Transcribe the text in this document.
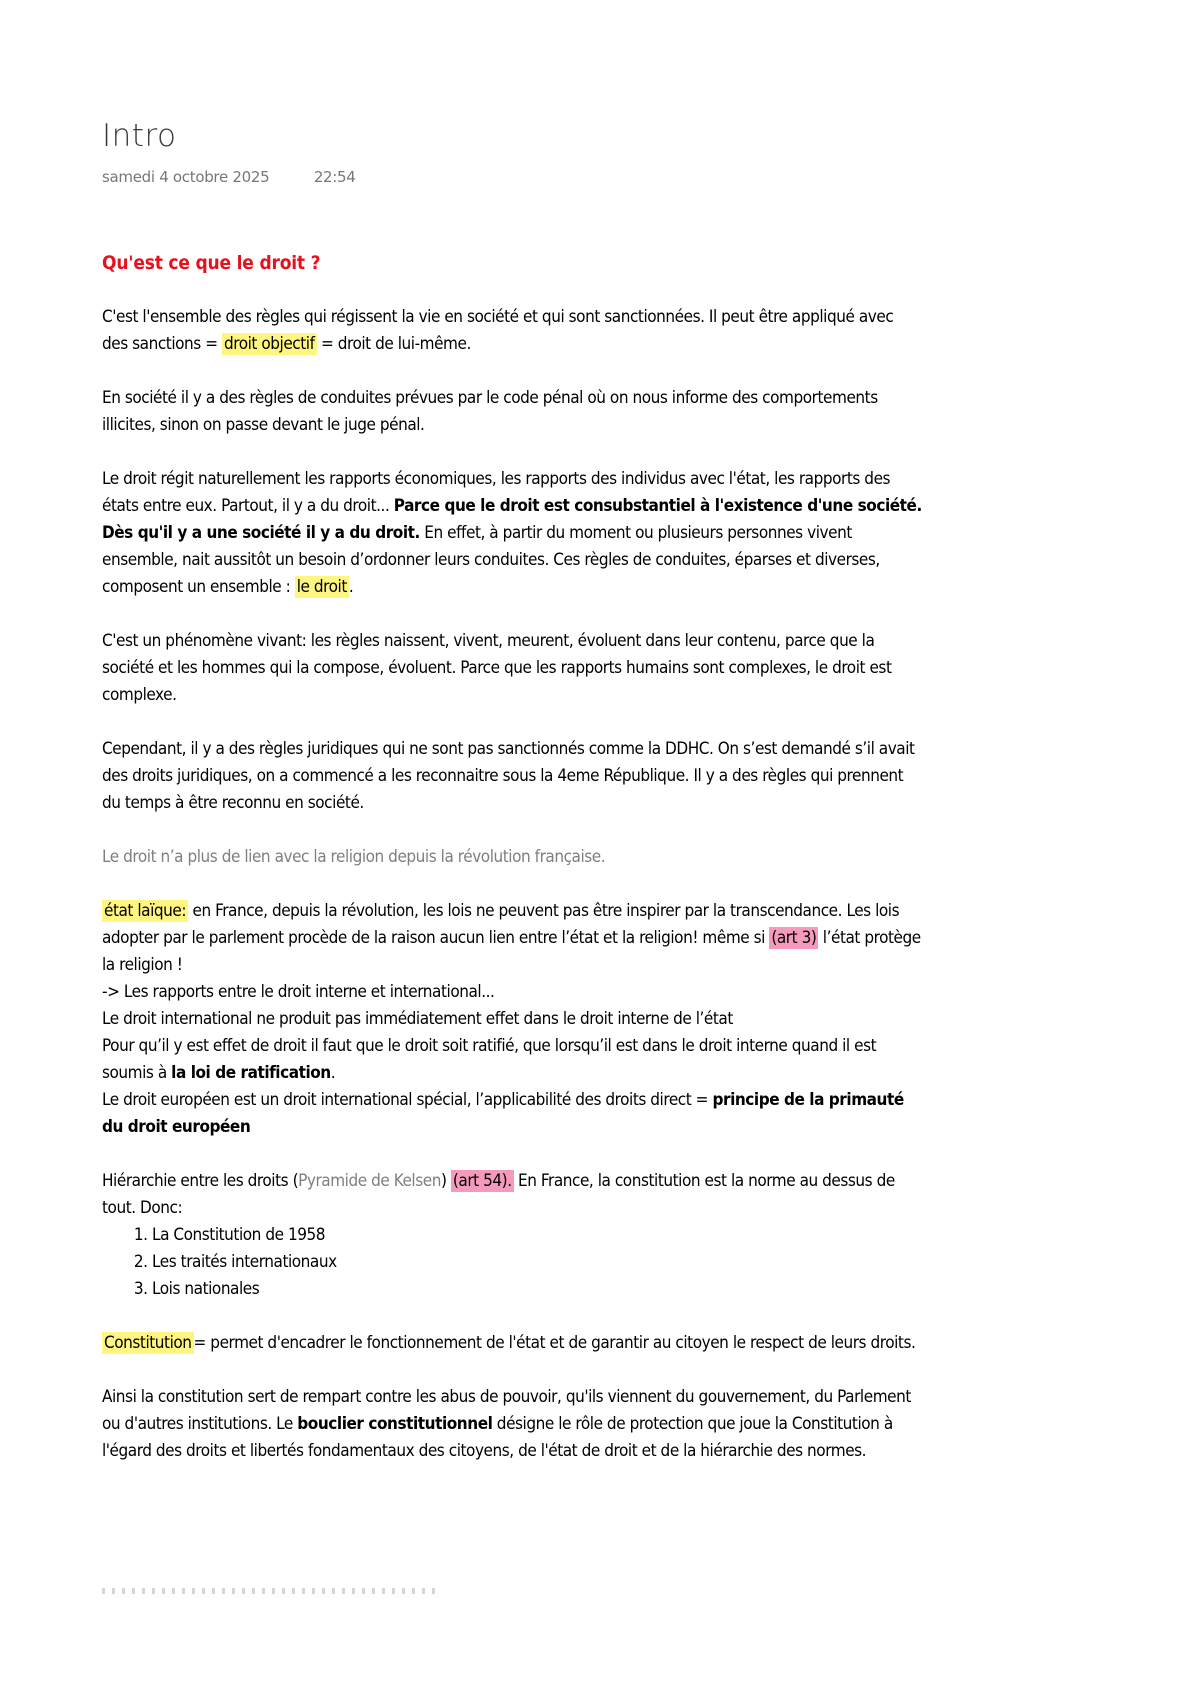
Intro
samedi 4 octobre 2025	22:54

Qu'est ce que le droit ?

C'est l'ensemble des règles qui régissent la vie en société et qui sont sanctionnées. Il peut être appliqué avec des sanctions = droit objectif = droit de lui-même.

En société il y a des règles de conduites prévues par le code pénal où on nous informe des comportements illicites, sinon on passe devant le juge pénal.

Le droit régit naturellement les rapports économiques, les rapports des individus avec l'état, les rapports des états entre eux. Partout, il y a du droit... Parce que le droit est consubstantiel à l'existence d'une société. Dès qu'il y a une société il y a du droit. En effet, à partir du moment ou plusieurs personnes vivent ensemble, nait aussitôt un besoin d’ordonner leurs conduites. Ces règles de conduites, éparses et diverses, composent un ensemble : le droit .

C'est un phénomène vivant: les règles naissent, vivent, meurent, évoluent dans leur contenu, parce que la société et les hommes qui la compose, évoluent. Parce que les rapports humains sont complexes, le droit est complexe.

Cependant, il y a des règles juridiques qui ne sont pas sanctionnés comme la DDHC. On s’est demandé s’il avait des droits juridiques, on a commencé a les reconnaitre sous la 4eme République. Il y a des règles qui prennent du temps à être reconnu en société.

Le droit n’a plus de lien avec la religion depuis la révolution française.

état laïque: en France, depuis la révolution, les lois ne peuvent pas être inspirer par la transcendance. Les lois adopter par le parlement procède de la raison aucun lien entre l’état et la religion! même si (art 3) l’état protège la religion !

-> Les rapports entre le droit interne et international...

Le droit international ne produit pas immédiatement effet dans le droit interne de l’état

Pour qu’il y est effet de droit il faut que le droit soit ratifié, que lorsqu’il est dans le droit interne quand il est soumis à la loi de ratification.

Le droit européen est un droit international spécial, l’applicabilité des droits direct = principe de la primauté du droit européen

Hiérarchie entre les droits (Pyramide de Kelsen) (art 54). En France, la constitution est la norme au dessus de tout. Donc:

1. La Constitution de 1958
2. Les traités internationaux
3. Lois nationales

Constitution = permet d'encadrer le fonctionnement de l'état et de garantir au citoyen le respect de leurs droits.

Ainsi la constitution sert de rempart contre les abus de pouvoir, qu'ils viennent du gouvernement, du Parlement ou d'autres institutions. Le bouclier constitutionnel désigne le rôle de protection que joue la Constitution à l'égard des droits et libertés fondamentaux des citoyens, de l'état de droit et de la hiérarchie des normes.
